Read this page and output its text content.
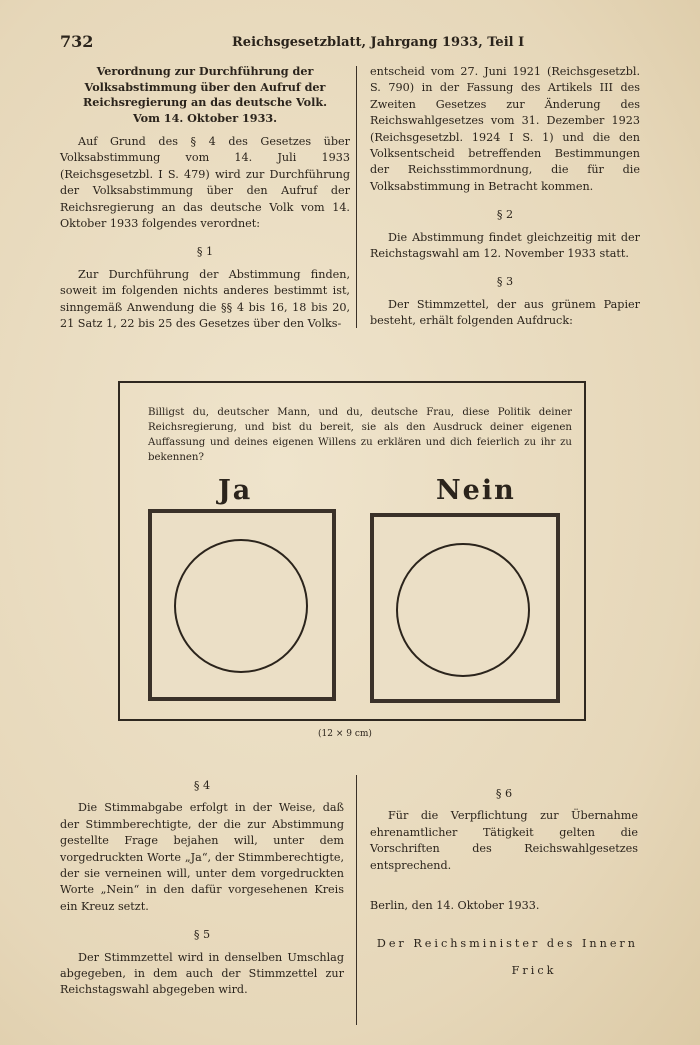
732	Reichsgesetzblatt, Jahrgang 1933, Teil I

Verordnung zur Durchführung der Volksabstimmung über den Aufruf der Reichsregierung an das deutsche Volk. Vom 14. Oktober 1933.

Auf Grund des § 4 des Gesetzes über Volksabstimmung vom 14. Juli 1933 (Reichsgesetzbl. I S. 479) wird zur Durchführung der Volksabstimmung über den Aufruf der Reichsregierung an das deutsche Volk vom 14. Oktober 1933 folgendes verordnet:

§ 1

Zur Durchführung der Abstimmung finden, soweit im folgenden nichts anderes bestimmt ist, sinngemäß Anwendung die §§ 4 bis 16, 18 bis 20, 21 Satz 1, 22 bis 25 des Gesetzes über den Volks-

entscheid vom 27. Juni 1921 (Reichsgesetzbl. S. 790) in der Fassung des Artikels III des Zweiten Gesetzes zur Änderung des Reichswahlgesetzes vom 31. Dezember 1923 (Reichsgesetzbl. 1924 I S. 1) und die den Volksentscheid betreffenden Bestimmungen der Reichsstimmordnung, die für die Volksabstimmung in Betracht kommen.

§ 2

Die Abstimmung findet gleichzeitig mit der Reichstagswahl am 12. November 1933 statt.

§ 3

Der Stimmzettel, der aus grünem Papier besteht, erhält folgenden Aufdruck:

Billigst du, deutscher Mann, und du, deutsche Frau, diese Politik deiner Reichsregierung, und bist du bereit, sie als den Ausdruck deiner eigenen Auffassung und deines eigenen Willens zu erklären und dich feierlich zu ihr zu bekennen?

Ja	Nein
(12 × 9 cm)

§ 4

Die Stimmabgabe erfolgt in der Weise, daß der Stimmberechtigte, der die zur Abstimmung gestellte Frage bejahen will, unter dem vorgedruckten Worte „Ja“, der Stimmberechtigte, der sie verneinen will, unter dem vorgedruckten Worte „Nein“ in den dafür vorgesehenen Kreis ein Kreuz setzt.

§ 5

Der Stimmzettel wird in denselben Umschlag abgegeben, in dem auch der Stimmzettel zur Reichstagswahl abgegeben wird.

§ 6

Für die Verpflichtung zur Übernahme ehrenamtlicher Tätigkeit gelten die Vorschriften des Reichswahlgesetzes entsprechend.

Berlin, den 14. Oktober 1933.

Der Reichsminister des Innern

Frick
